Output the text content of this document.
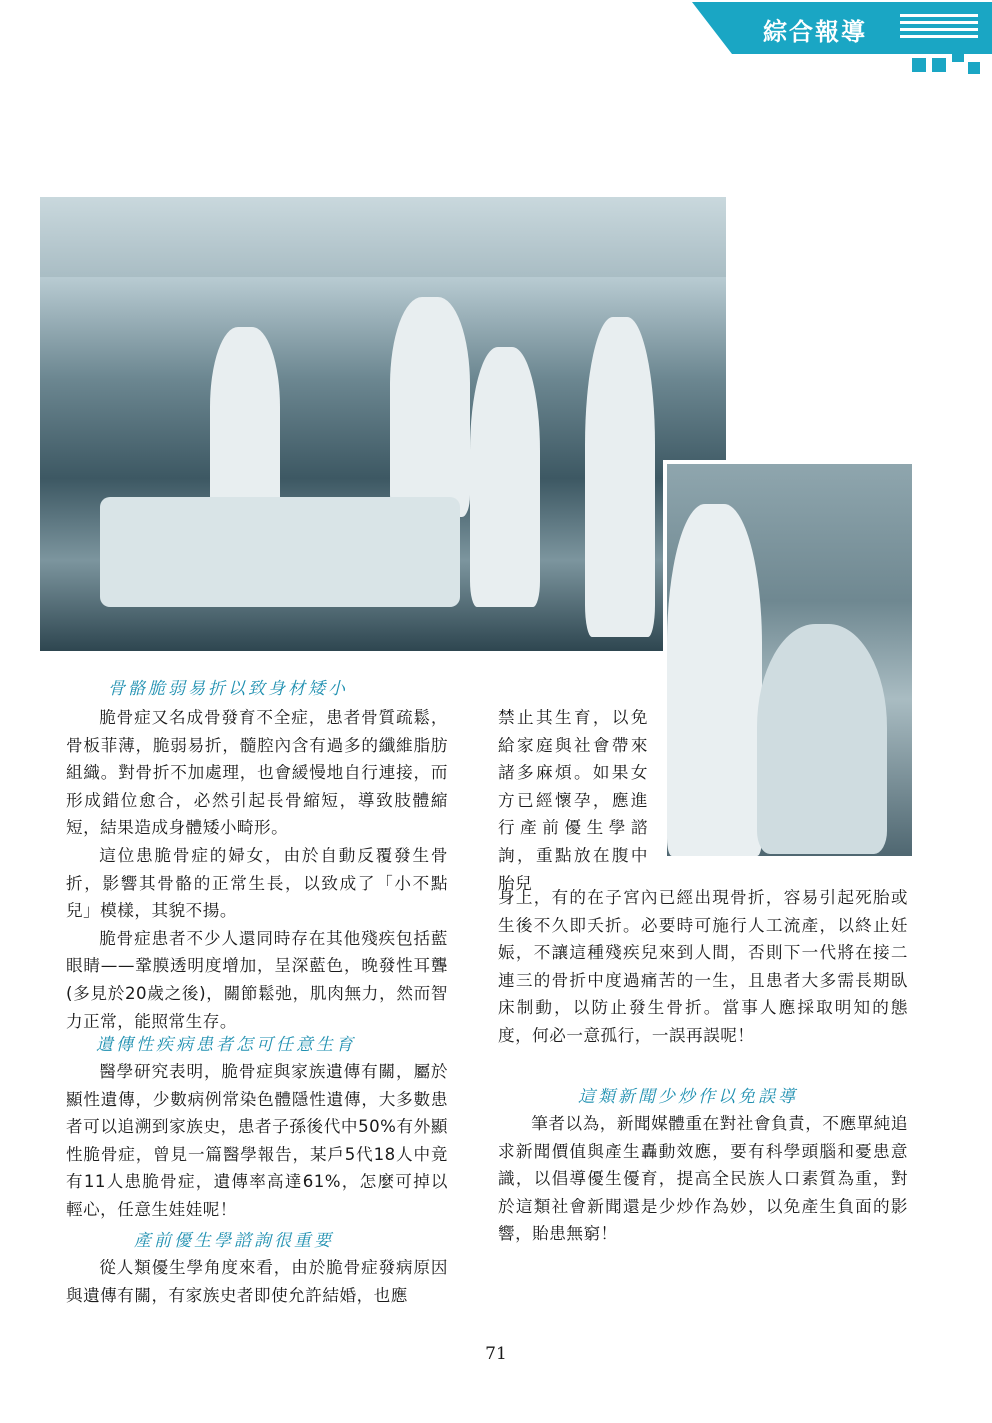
綜合報導
骨骼脆弱易折以致身材矮小

脆骨症又名成骨發育不全症，患者骨質疏鬆，骨板菲薄，脆弱易折，髓腔內含有過多的纖維脂肪組織。對骨折不加處理，也會緩慢地自行連接，而形成錯位愈合，必然引起長骨縮短，導致肢體縮短，結果造成身體矮小畸形。

這位患脆骨症的婦女，由於自動反覆發生骨折，影響其骨骼的正常生長，以致成了「小不點兒」模樣，其貌不揚。

脆骨症患者不少人還同時存在其他殘疾包括藍眼睛——鞏膜透明度增加，呈深藍色，晚發性耳聾(多見於20歲之後)，關節鬆弛，肌肉無力，然而智力正常，能照常生存。

遺傳性疾病患者怎可任意生育

醫學研究表明，脆骨症與家族遺傳有關，屬於顯性遺傳，少數病例常染色體隱性遺傳，大多數患者可以追溯到家族史，患者子孫後代中50%有外顯性脆骨症，曾見一篇醫學報告，某戶5代18人中竟有11人患脆骨症，遺傳率高達61%，怎麼可掉以輕心，任意生娃娃呢！

產前優生學諮詢很重要

從人類優生學角度來看，由於脆骨症發病原因與遺傳有關，有家族史者即使允許結婚，也應

禁止其生育，以免給家庭與社會帶來諸多麻煩。如果女方已經懷孕，應進行產前優生學諮詢，重點放在腹中胎兒

身上，有的在子宮內已經出現骨折，容易引起死胎或生後不久即夭折。必要時可施行人工流產，以終止妊娠，不讓這種殘疾兒來到人間，否則下一代將在接二連三的骨折中度過痛苦的一生，且患者大多需長期臥床制動，以防止發生骨折。當事人應採取明知的態度，何必一意孤行，一誤再誤呢！

這類新聞少炒作以免誤導

筆者以為，新聞媒體重在對社會負責，不應單純追求新聞價值與產生轟動效應，要有科學頭腦和憂患意識，以倡導優生優育，提高全民族人口素質為重，對於這類社會新聞還是少炒作為妙，以免產生負面的影響，貽患無窮！

71
